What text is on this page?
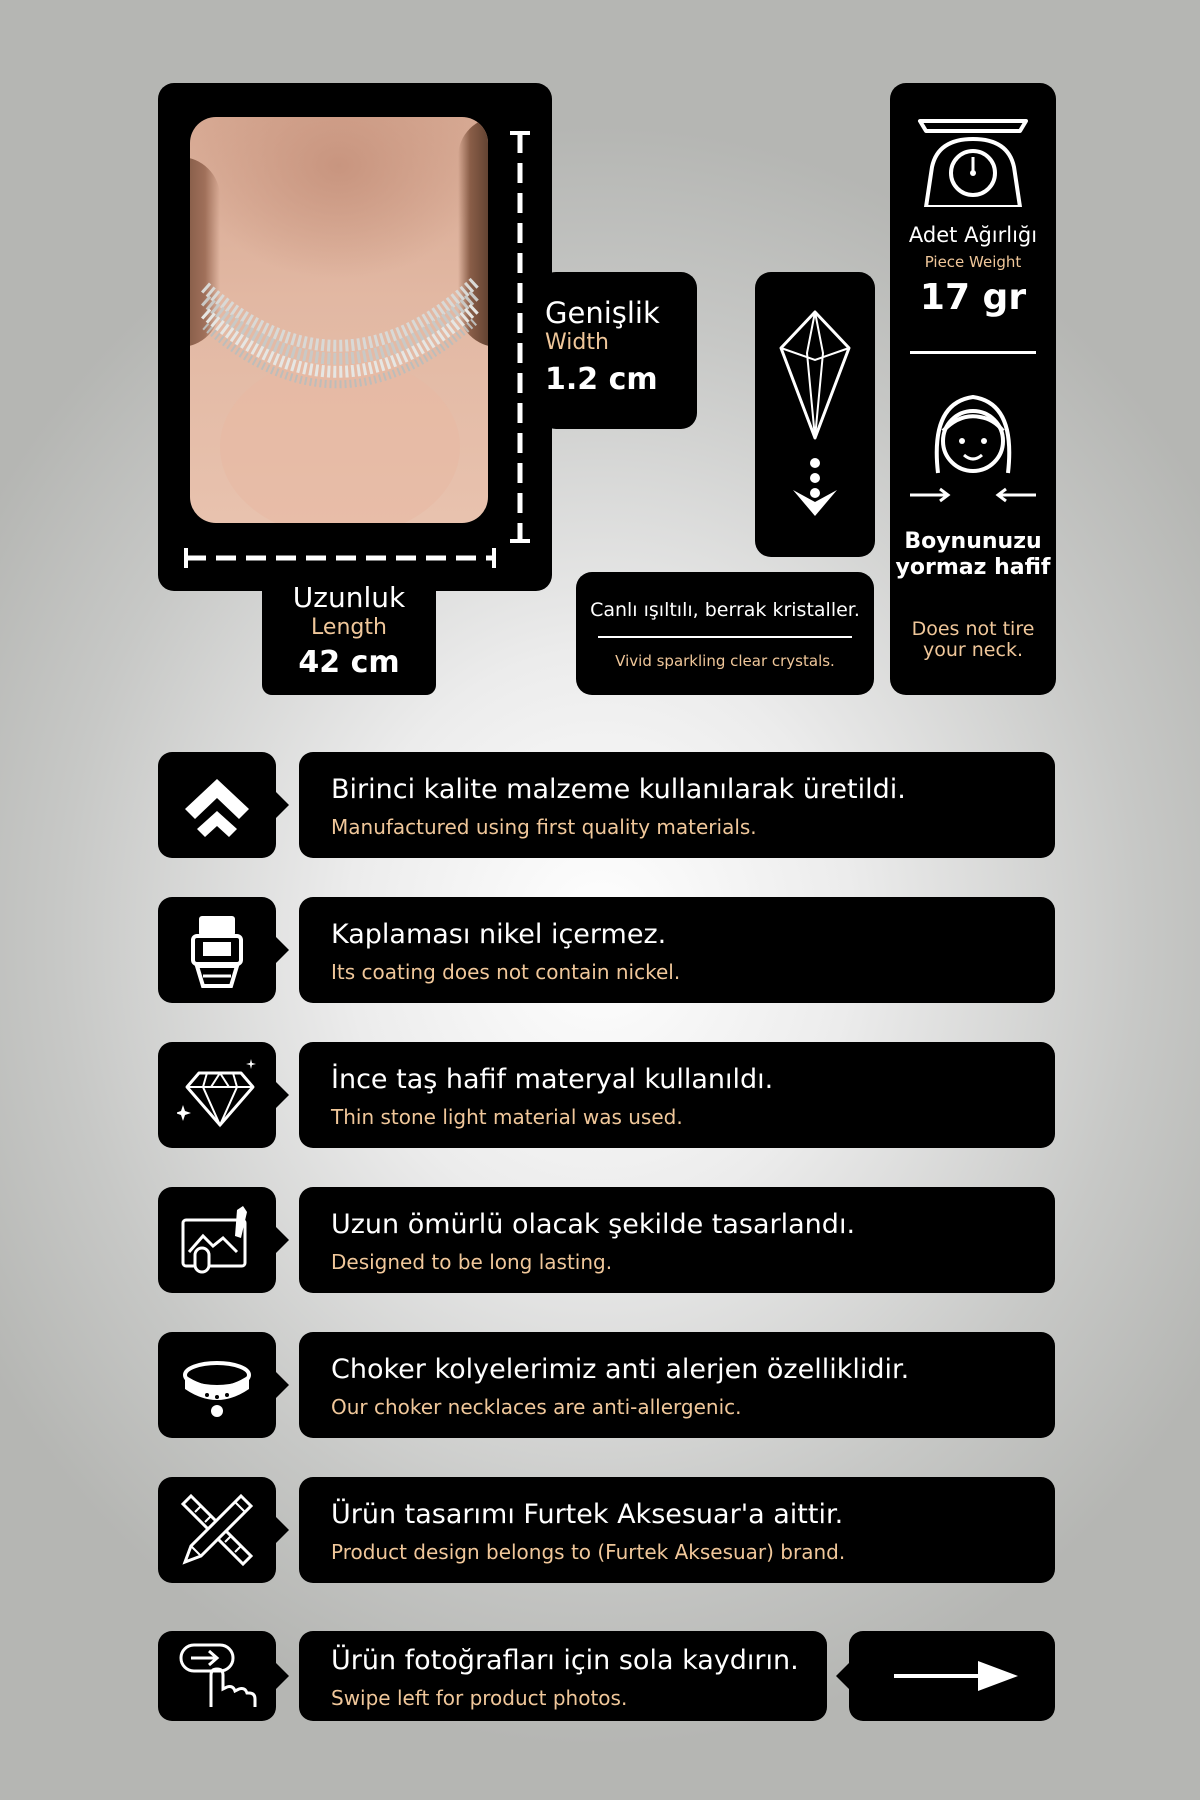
Genişlik
Width
1.2 cm
Uzunluk
Length
42 cm
Canlı ışıltılı, berrak kristaller.
Vivid sparkling clear crystals.
Adet Ağırlığı
Piece Weight
17 gr
Boynunuzu yormaz hafif
Does not tire your neck.
Birinci kalite malzeme kullanılarak üretildi.
Manufactured using first quality materials.
Kaplaması nikel içermez.
Its coating does not contain nickel.
İnce taş hafif materyal kullanıldı.
Thin stone light material was used.
Uzun ömürlü olacak şekilde tasarlandı.
Designed to be long lasting.
Choker kolyelerimiz anti alerjen özelliklidir.
Our choker necklaces are anti-allergenic.
Ürün tasarımı Furtek Aksesuar'a aittir.
Product design belongs to (Furtek Aksesuar) brand.
Ürün fotoğrafları için sola kaydırın.
Swipe left for product photos.
